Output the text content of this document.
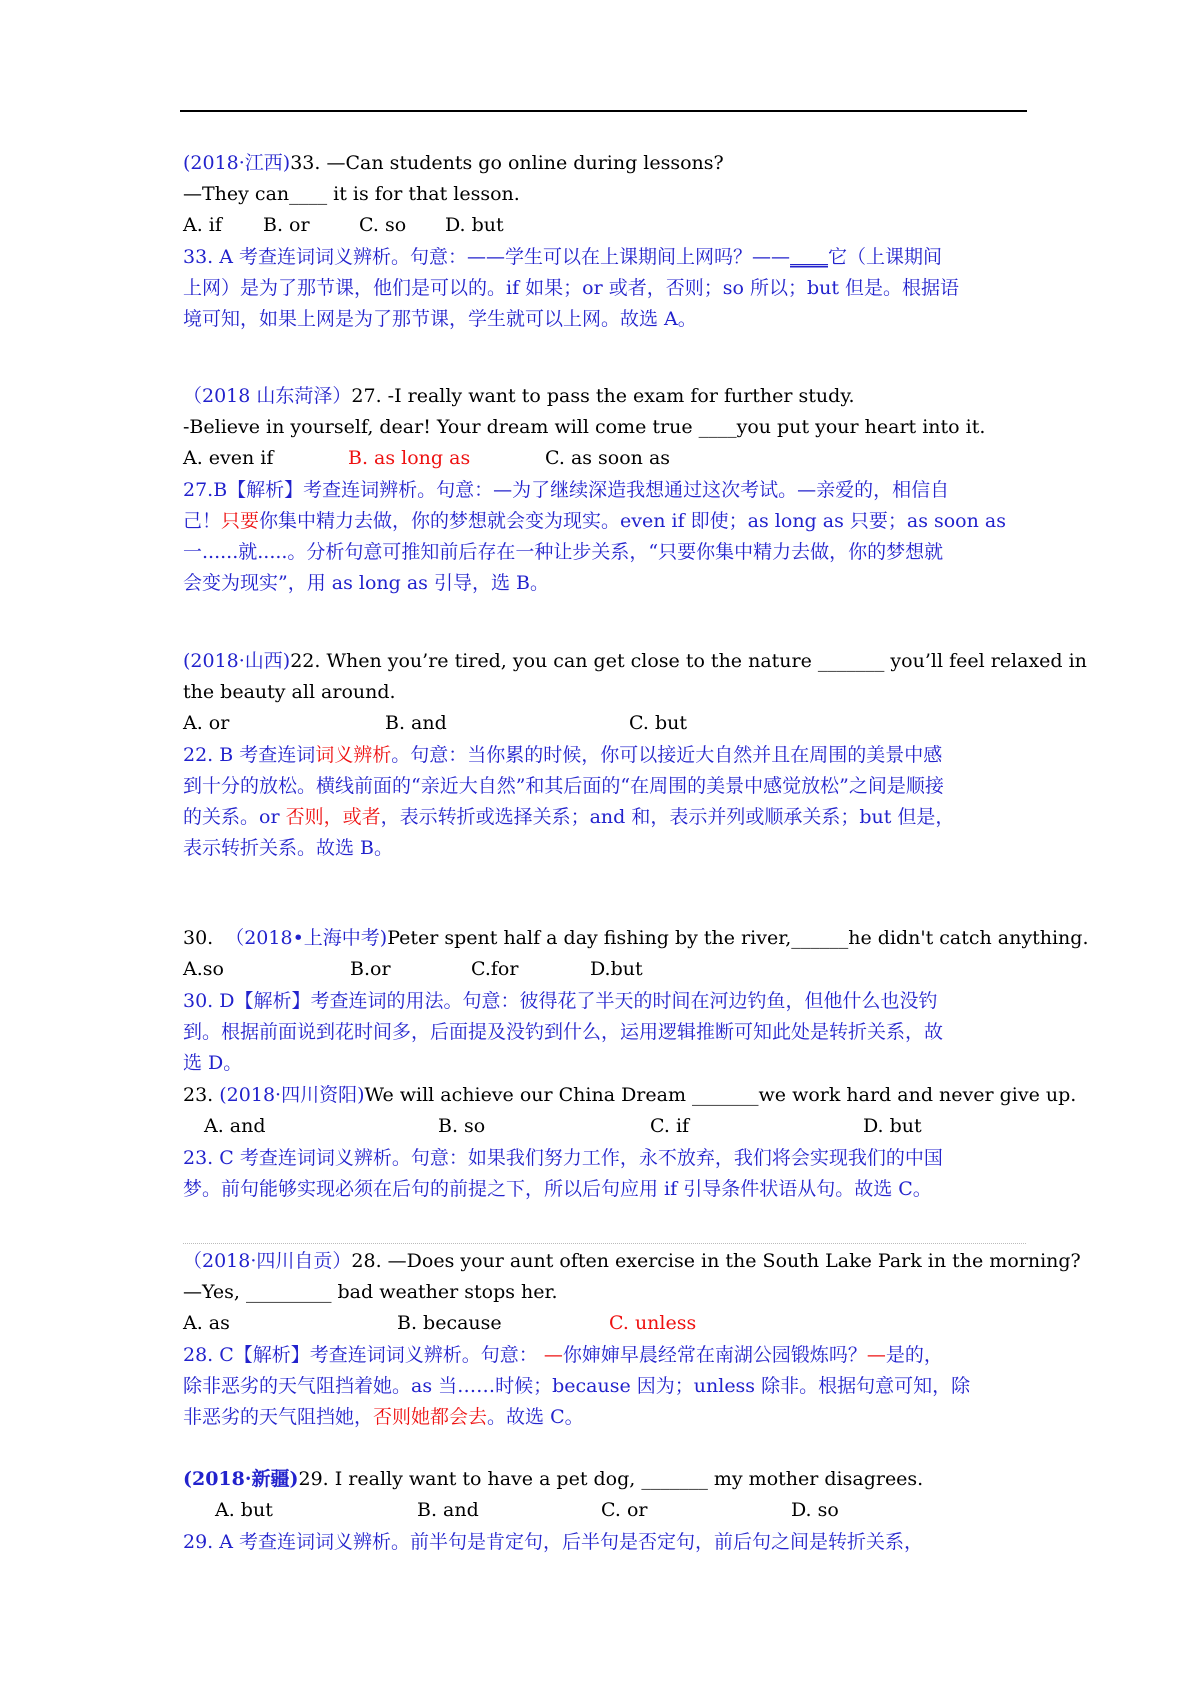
(2018·江西)33. —Can students go online during lessons?
—They can____ it is for that lesson.
A. if B. or	C. so D. but
33. A 考查连词词义辨析。句意：——学生可以在上课期间上网吗？——____它（上课期间
上网）是为了那节课，他们是可以的。if 如果；or 或者，否则；so 所以；but 但是。根据语
境可知，如果上网是为了那节课，学生就可以上网。故选 A。
（2018 山东菏泽）27. -I really want to pass the exam for further study.
-Believe in yourself, dear! Your dream will come true ____you put your heart into it.
A. even if	B. as long as	C. as soon as
27.B【解析】考查连词辨析。句意：—为了继续深造我想通过这次考试。—亲爱的，相信自
己！只要你集中精力去做，你的梦想就会变为现实。even if 即使；as long as 只要；as soon as
一......就.....。分析句意可推知前后存在一种让步关系，“只要你集中精力去做，你的梦想就
会变为现实”，用 as long as 引导，选 B。
(2018·山西)22. When you’re tired, you can get close to the nature _______ you’ll feel relaxed in
the beauty all around.
A. or	B. and	C. but
22. B 考查连词词义辨析。句意：当你累的时候，你可以接近大自然并且在周围的美景中感
到十分的放松。横线前面的“亲近大自然”和其后面的“在周围的美景中感觉放松”之间是顺接
的关系。or 否则，或者，表示转折或选择关系；and 和，表示并列或顺承关系；but 但是，
表示转折关系。故选 B。
30. （2018•上海中考)Peter spent half a day fishing by the river,______he didn't catch anything.
A.so	B.or	C.for	D.but
30. D【解析】考查连词的用法。句意：彼得花了半天的时间在河边钓鱼，但他什么也没钓
到。根据前面说到花时间多，后面提及没钓到什么，运用逻辑推断可知此处是转折关系，故
选 D。
23. (2018·四川资阳)We will achieve our China Dream _______we work hard and never give up.
A. and	B. so	C. if	D. but
23. C 考查连词词义辨析。句意：如果我们努力工作，永不放弃，我们将会实现我们的中国
梦。前句能够实现必须在后句的前提之下，所以后句应用 if 引导条件状语从句。故选 C。
（2018·四川自贡）28. —Does your aunt often exercise in the South Lake Park in the morning?
—Yes, _________ bad weather stops her.
A. as	B. because	C. unless
28. C【解析】考查连词词义辨析。句意： —你婶婶早晨经常在南湖公园锻炼吗？—是的，
除非恶劣的天气阻挡着她。as 当……时候；because 因为；unless 除非。根据句意可知，除
非恶劣的天气阻挡她，否则她都会去。故选 C。
(2018·新疆)29. I really want to have a pet dog, _______ my mother disagrees.
A. but	B. and	C. or	D. so
29. A 考查连词词义辨析。前半句是肯定句，后半句是否定句，前后句之间是转折关系，
